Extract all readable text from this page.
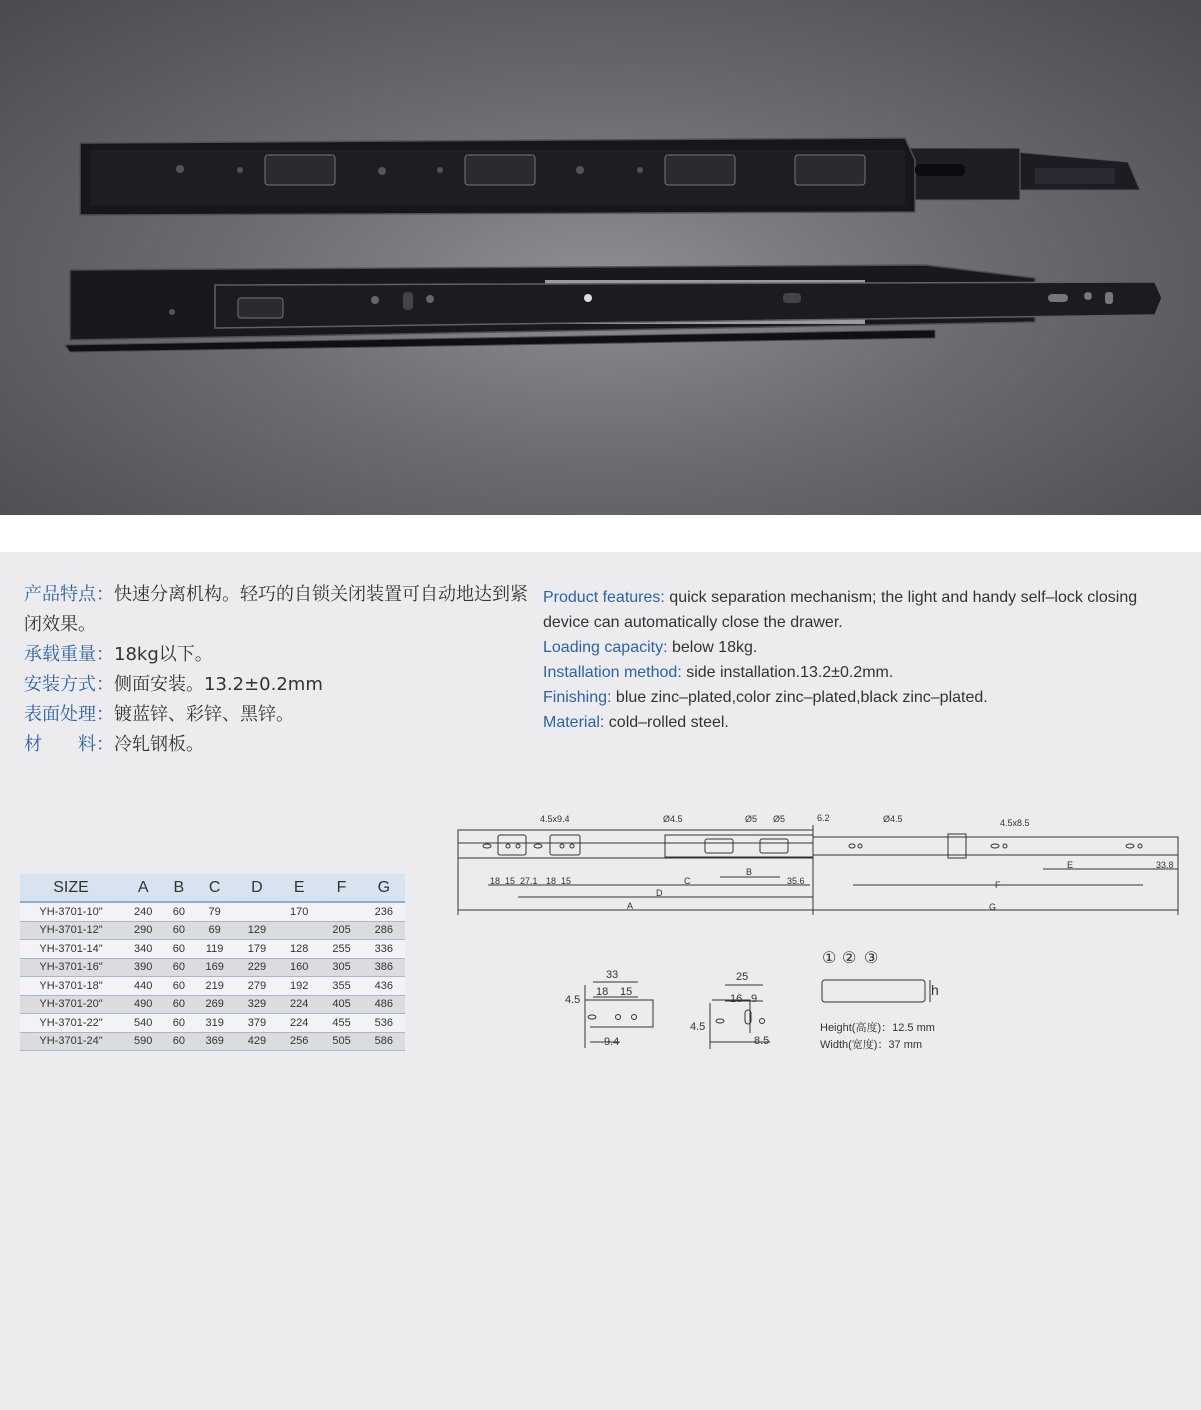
产品特点：快速分离机构。轻巧的自锁关闭装置可自动地达到紧闭效果。
承载重量：18kg以下。
安装方式：侧面安装。13.2±0.2mm
表面处理：镀蓝锌、彩锌、黑锌。
材　　料：冷轧钢板。
Product features: quick separation mechanism; the light and handy self–lock closing device can automatically close the drawer.
Loading capacity: below 18kg.
Installation method: side installation.13.2±0.2mm.
Finishing: blue zinc–plated,color zinc–plated,black zinc–plated.
Material: cold–rolled steel.
SIZE	A	B	C	D	E	F	G
YH-3701-10"	240	60	79		170		236
YH-3701-12"	290	60	69	129		205	286
YH-3701-14"	340	60	119	179	128	255	336
YH-3701-16"	390	60	169	229	160	305	386
YH-3701-18"	440	60	219	279	192	355	436
YH-3701-20"	490	60	269	329	224	405	486
YH-3701-22"	540	60	319	379	224	455	536
YH-3701-24"	590	60	369	429	256	505	586
4.5x9.4	Ø4.5	Ø5 Ø5	6.2	Ø4.5	4.5x8.5
18 15 27.1 18 15	C
B
35.6
D
A
E	33.8
F
G
33
18 15
4.5
9.4
25
16 9
4.5
8.5
① ② ③
h
Height(高度)：12.5 mm
Width(宽度)：37 mm
